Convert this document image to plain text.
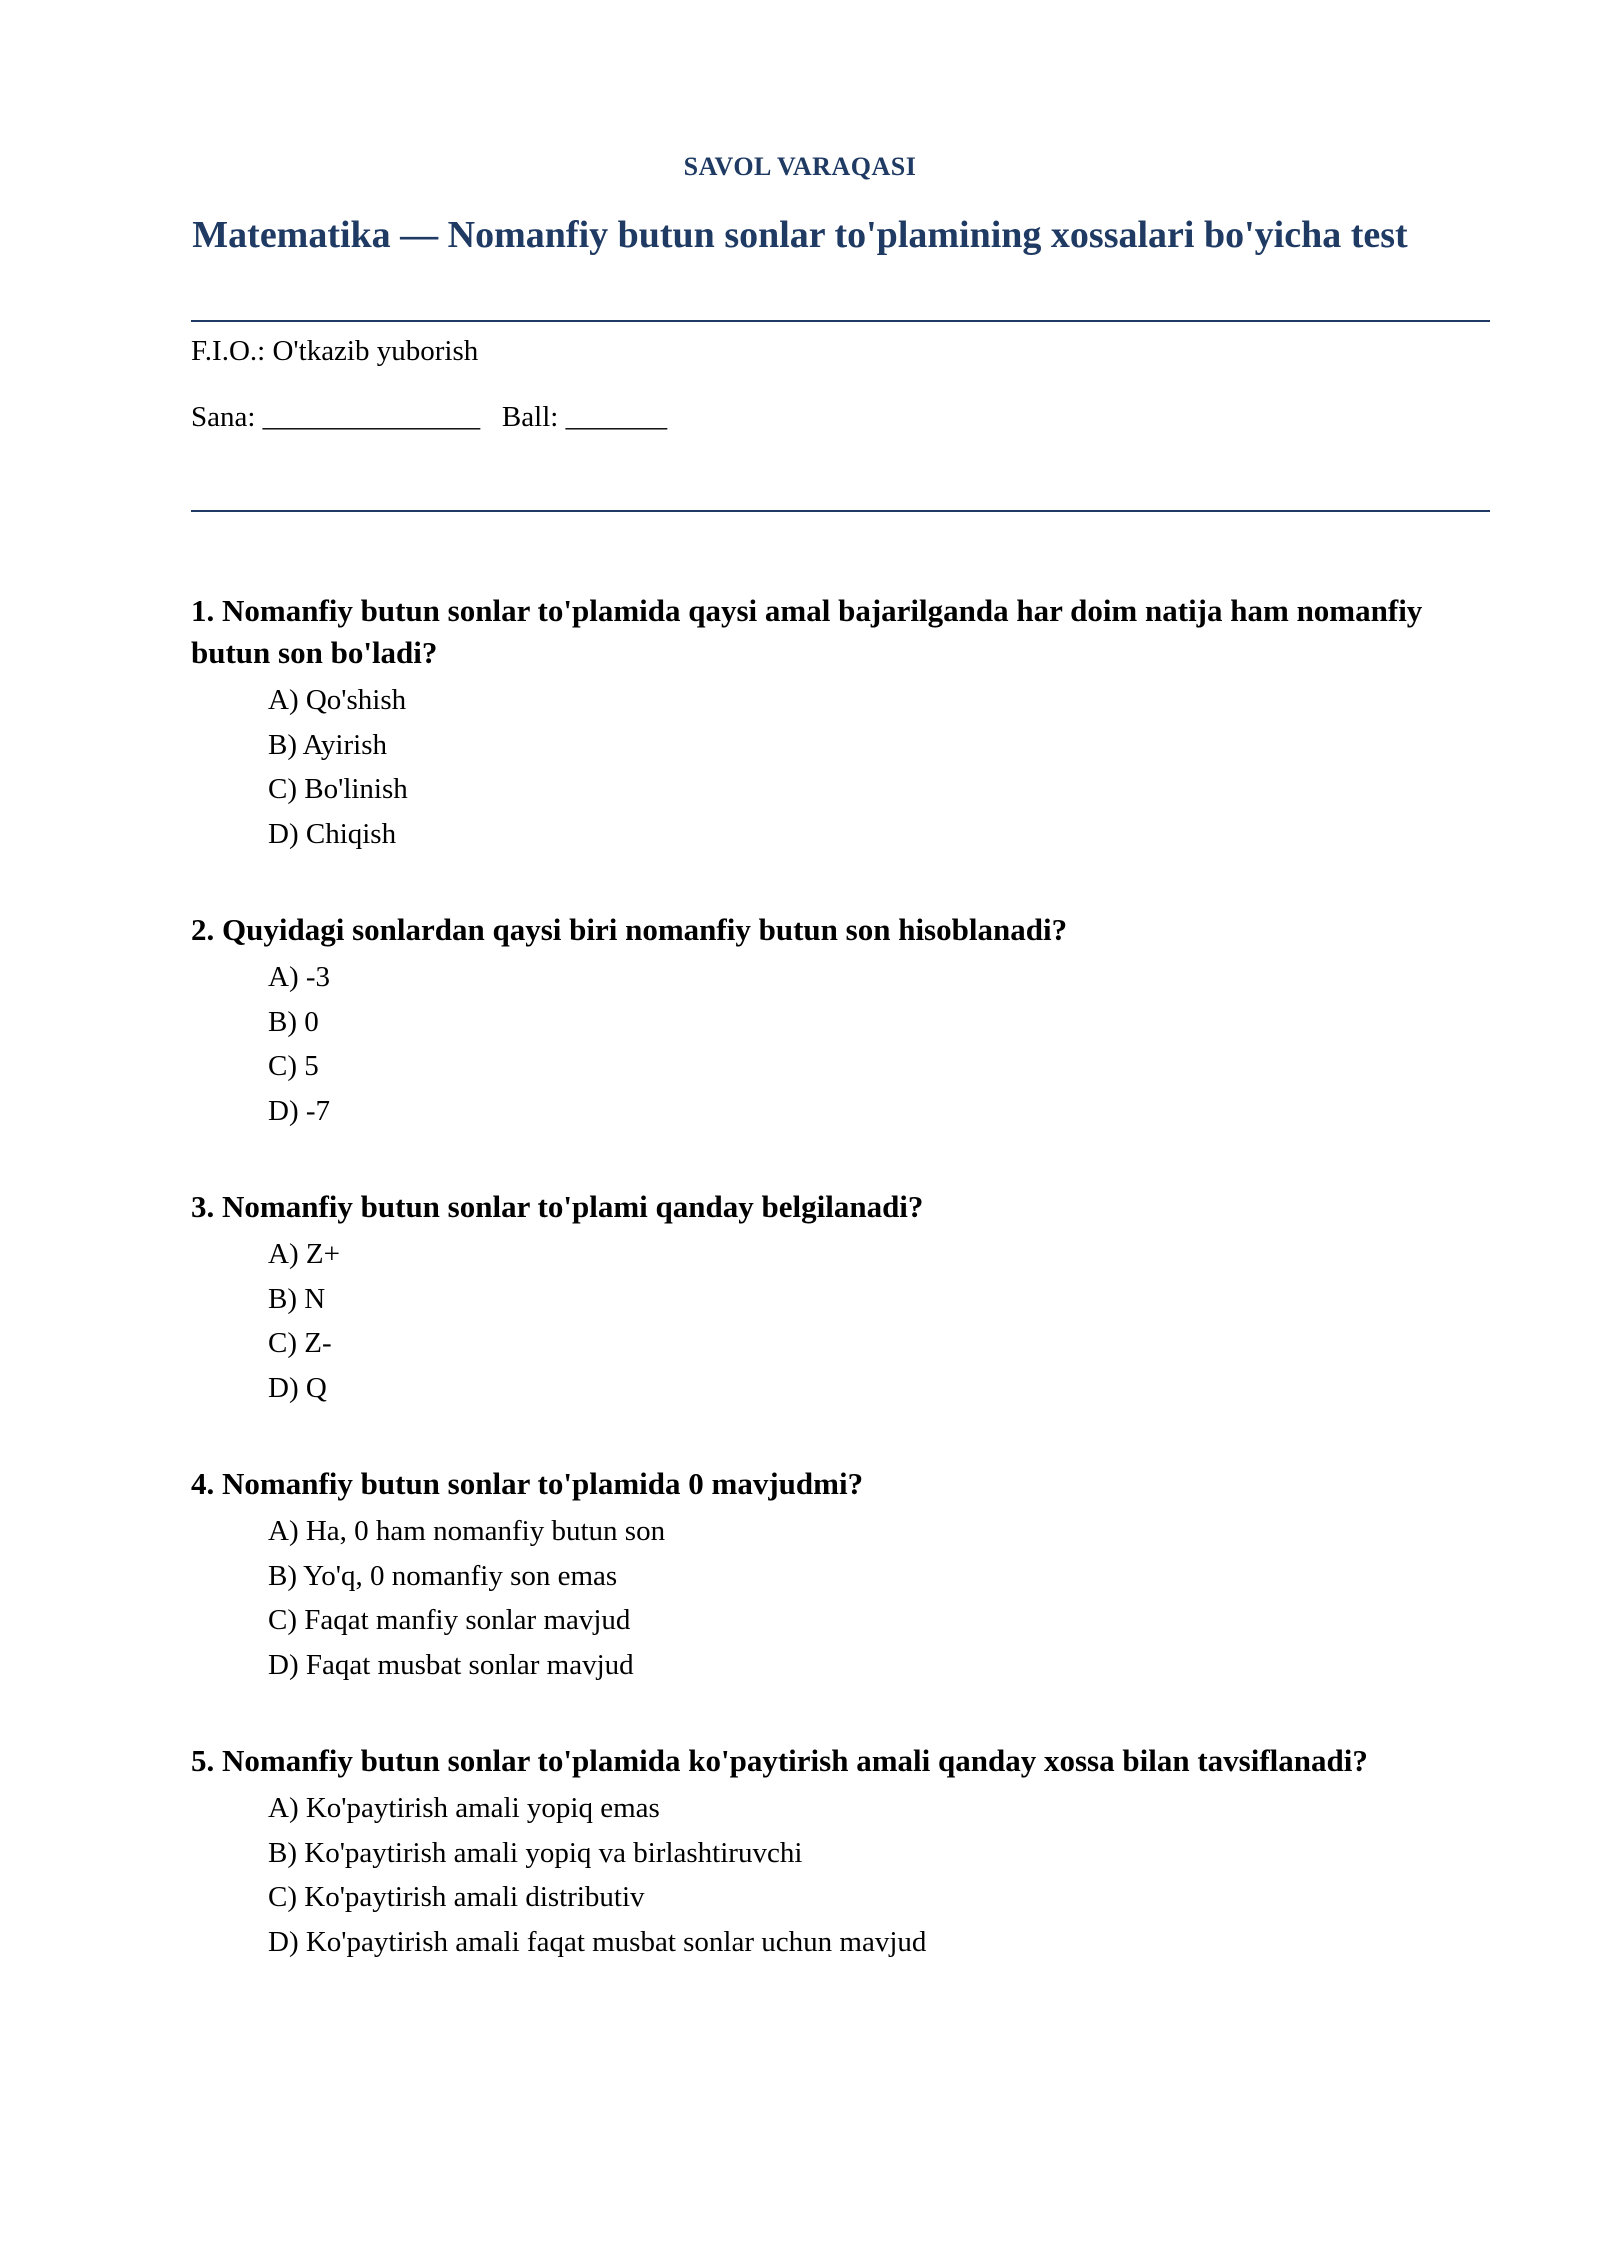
SAVOL VARAQASI
Matematika — Nomanfiy butun sonlar to'plamining xossalari bo'yicha test
F.I.O.: O'tkazib yuborish
Sana: _______________   Ball: _______
1. Nomanfiy butun sonlar to'plamida qaysi amal bajarilganda har doim natija ham nomanfiy butun son bo'ladi?
A) Qo'shish
B) Ayirish
C) Bo'linish
D) Chiqish
2. Quyidagi sonlardan qaysi biri nomanfiy butun son hisoblanadi?
A) -3
B) 0
C) 5
D) -7
3. Nomanfiy butun sonlar to'plami qanday belgilanadi?
A) Z+
B) N
C) Z-
D) Q
4. Nomanfiy butun sonlar to'plamida 0 mavjudmi?
A) Ha, 0 ham nomanfiy butun son
B) Yo'q, 0 nomanfiy son emas
C) Faqat manfiy sonlar mavjud
D) Faqat musbat sonlar mavjud
5. Nomanfiy butun sonlar to'plamida ko'paytirish amali qanday xossa bilan tavsiflanadi?
A) Ko'paytirish amali yopiq emas
B) Ko'paytirish amali yopiq va birlashtiruvchi
C) Ko'paytirish amali distributiv
D) Ko'paytirish amali faqat musbat sonlar uchun mavjud
